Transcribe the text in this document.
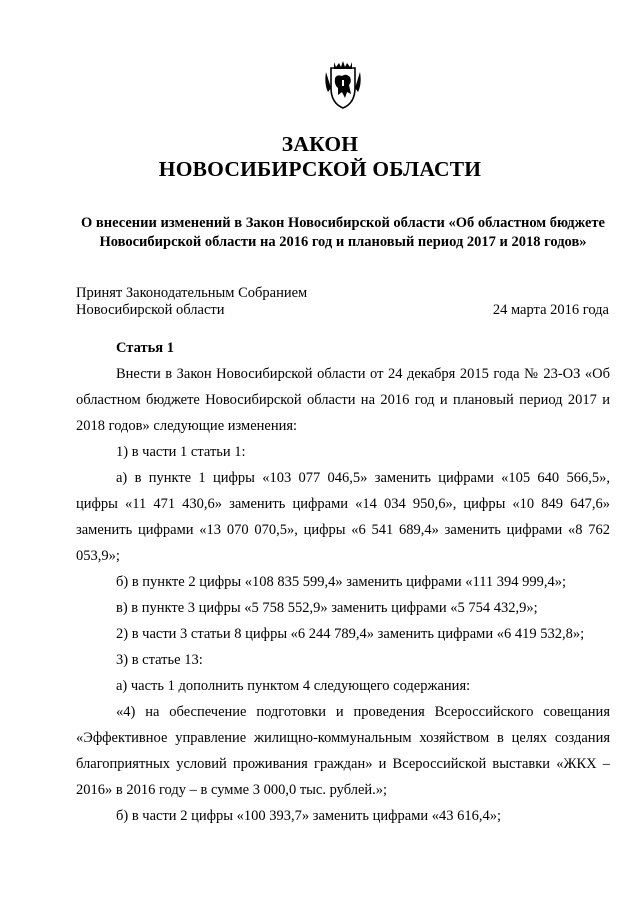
ЗАКОН
НОВОСИБИРСКОЙ ОБЛАСТИ
О внесении изменений в Закон Новосибирской области «Об областном бюджете Новосибирской области на 2016 год и плановый период 2017 и 2018 годов»
Принят Законодательным Собранием
Новосибирской области	24 марта 2016 года
Статья 1

Внести в Закон Новосибирской области от 24 декабря 2015 года № 23-ОЗ «Об областном бюджете Новосибирской области на 2016 год и плановый период 2017 и 2018 годов» следующие изменения:

1) в части 1 статьи 1:

а) в пункте 1 цифры «103 077 046,5» заменить цифрами «105 640 566,5», цифры «11 471 430,6» заменить цифрами «14 034 950,6», цифры «10 849 647,6» заменить цифрами «13 070 070,5», цифры «6 541 689,4» заменить цифрами «8 762 053,9»;

б) в пункте 2 цифры «108 835 599,4» заменить цифрами «111 394 999,4»;

в) в пункте 3 цифры «5 758 552,9» заменить цифрами «5 754 432,9»;

2) в части 3 статьи 8 цифры «6 244 789,4» заменить цифрами «6 419 532,8»;

3) в статье 13:

а) часть 1 дополнить пунктом 4 следующего содержания:

«4) на обеспечение подготовки и проведения Всероссийского совещания «Эффективное управление жилищно-коммунальным хозяйством в целях создания благоприятных условий проживания граждан» и Всероссийской выставки «ЖКХ – 2016» в 2016 году – в сумме 3 000,0 тыс. рублей.»;

б) в части 2 цифры «100 393,7» заменить цифрами «43 616,4»;
